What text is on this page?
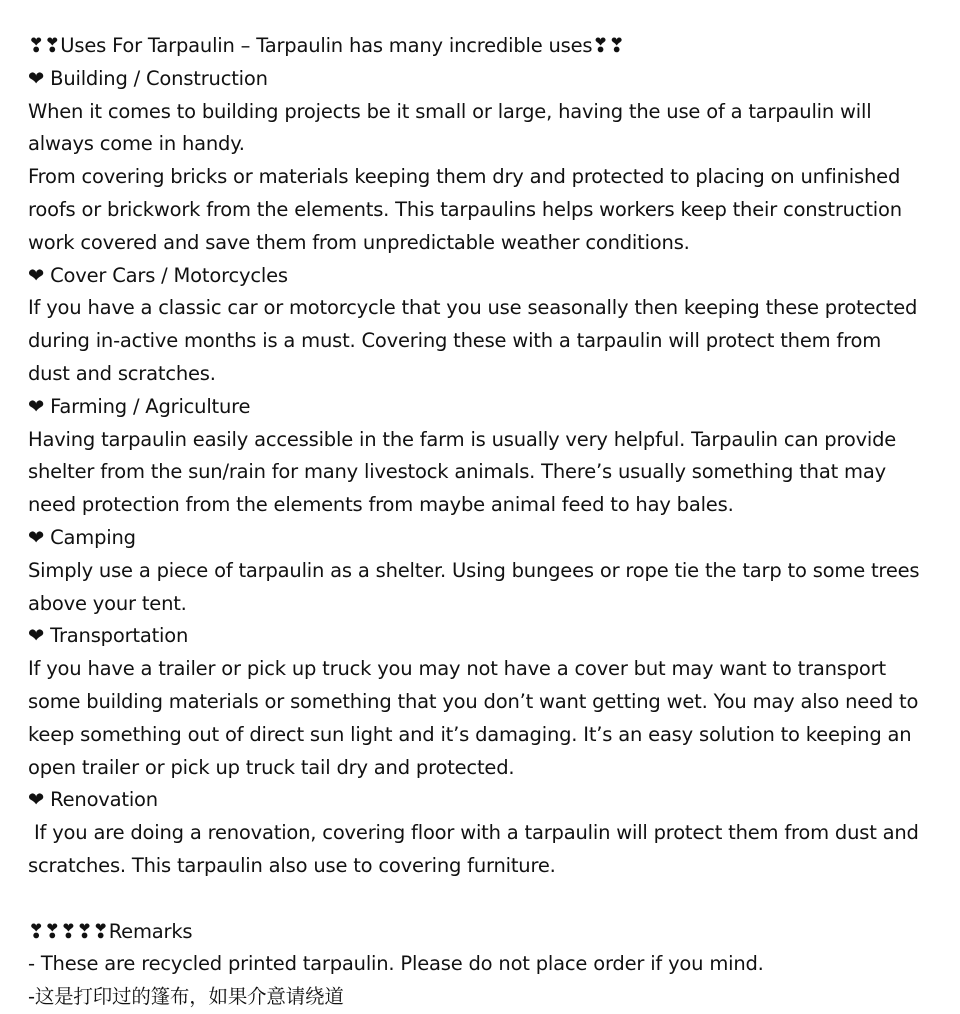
❣❣Uses For Tarpaulin – Tarpaulin has many incredible uses❣❣
❤ Building / Construction
When it comes to building projects be it small or large, having the use of a tarpaulin will always come in handy.
From covering bricks or materials keeping them dry and protected to placing on unfinished roofs or brickwork from the elements. This tarpaulins helps workers keep their construction work covered and save them from unpredictable weather conditions.
❤ Cover Cars / Motorcycles
If you have a classic car or motorcycle that you use seasonally then keeping these protected during in-active months is a must. Covering these with a tarpaulin will protect them from dust and scratches.
❤ Farming / Agriculture
Having tarpaulin easily accessible in the farm is usually very helpful. Tarpaulin can provide shelter from the sun/rain for many livestock animals. There’s usually something that may need protection from the elements from maybe animal feed to hay bales.
❤ Camping
Simply use a piece of tarpaulin as a shelter. Using bungees or rope tie the tarp to some trees above your tent.
❤ Transportation
If you have a trailer or pick up truck you may not have a cover but may want to transport some building materials or something that you don’t want getting wet. You may also need to keep something out of direct sun light and it’s damaging. It’s an easy solution to keeping an open trailer or pick up truck tail dry and protected.
❤ Renovation
If you are doing a renovation, covering floor with a tarpaulin will protect them from dust and scratches. This tarpaulin also use to covering furniture.
❣❣❣❣❣Remarks
- These are recycled printed tarpaulin. Please do not place order if you mind.
-这是打印过的篷布，如果介意请绕道
